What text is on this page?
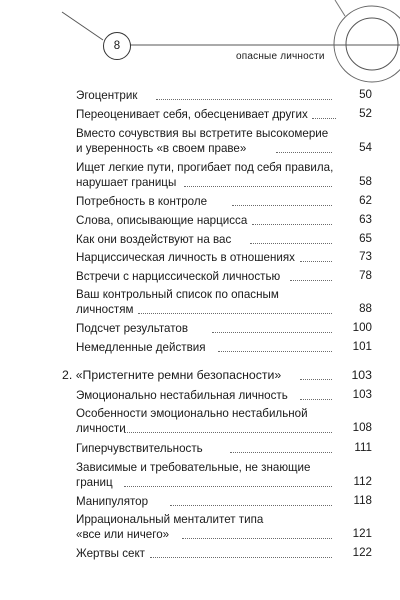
8
опасные личности
Эгоцентрик	50
Переоценивает себя, обесценивает других	52
Вместо сочувствия вы встретите высокомерие
и уверенность «в своем праве»	54
Ищет легкие пути, прогибает под себя правила,
нарушает границы	58
Потребность в контроле	62
Слова, описывающие нарцисса	63
Как они воздействуют на вас	65
Нарциссическая личность в отношениях	73
Встречи с нарциссической личностью	78
Ваш контрольный список по опасным
личностям	88
Подсчет результатов	100
Немедленные действия	101
2. «Пристегните ремни безопасности»	103
Эмоционально нестабильная личность	103
Особенности эмоционально нестабильной
личности	108
Гиперчувствительность	111
Зависимые и требовательные, не знающие
границ	112
Манипулятор	118
Иррациональный менталитет типа
«все или ничего»	121
Жертвы сект	122
